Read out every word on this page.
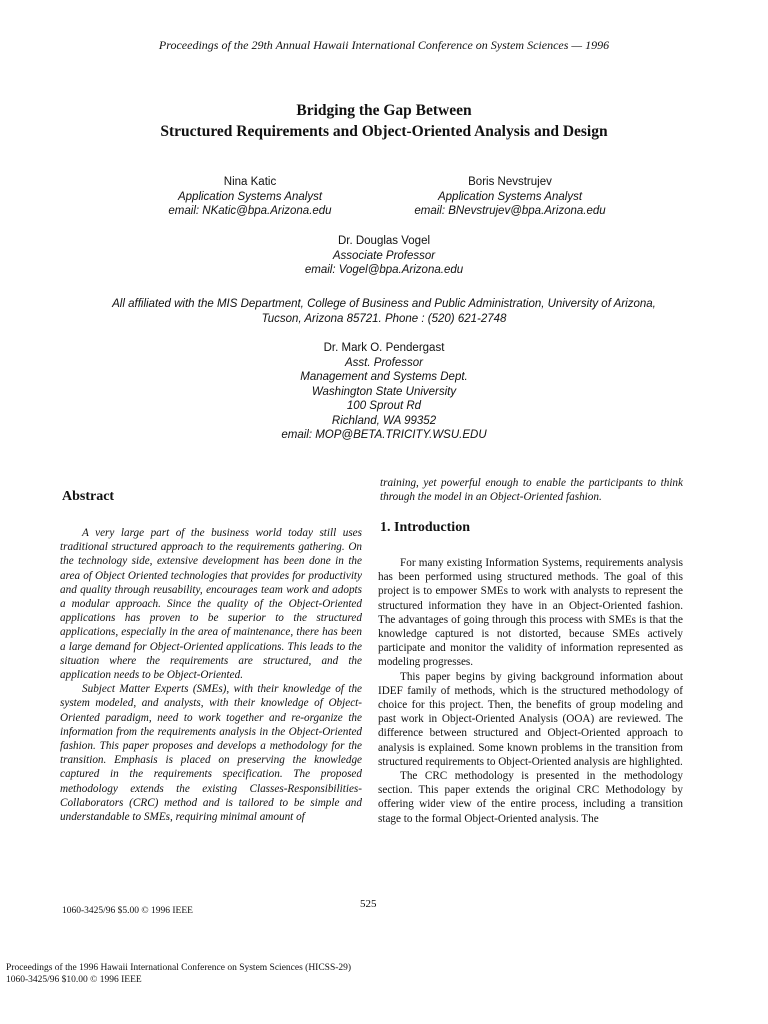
Proceedings of the 29th Annual Hawaii International Conference on System Sciences — 1996
Bridging the Gap Between
Structured Requirements and Object-Oriented Analysis and Design
Nina Katic
Application Systems Analyst
email: NKatic@bpa.Arizona.edu
Boris Nevstrujev
Application Systems Analyst
email: BNevstrujev@bpa.Arizona.edu
Dr. Douglas Vogel
Associate Professor
email: Vogel@bpa.Arizona.edu
All affiliated with the MIS Department, College of Business and Public Administration, University of Arizona,
Tucson, Arizona 85721. Phone : (520) 621-2748
Dr. Mark O. Pendergast
Asst. Professor
Management and Systems Dept.
Washington State University
100 Sprout Rd
Richland, WA 99352
email: MOP@BETA.TRICITY.WSU.EDU
Abstract

A very large part of the business world today still uses traditional structured approach to the requirements gathering. On the technology side, extensive development has been done in the area of Object Oriented technologies that provides for productivity and quality through reusability, encourages team work and adopts a modular approach. Since the quality of the Object-Oriented applications has proven to be superior to the structured applications, especially in the area of maintenance, there has been a large demand for Object-Oriented applications. This leads to the situation where the requirements are structured, and the application needs to be Object-Oriented.

Subject Matter Experts (SMEs), with their knowledge of the system modeled, and analysts, with their knowledge of Object-Oriented paradigm, need to work together and re-organize the information from the requirements analysis in the Object-Oriented fashion. This paper proposes and develops a methodology for the transition. Emphasis is placed on preserving the knowledge captured in the requirements specification. The proposed methodology extends the existing Classes-Responsibilities-Collaborators (CRC) method and is tailored to be simple and understandable to SMEs, requiring minimal amount of

training, yet powerful enough to enable the participants to think through the model in an Object-Oriented fashion.

1. Introduction

For many existing Information Systems, requirements analysis has been performed using structured methods. The goal of this project is to empower SMEs to work with analysts to represent the structured information they have in an Object-Oriented fashion. The advantages of going through this process with SMEs is that the knowledge captured is not distorted, because SMEs actively participate and monitor the validity of information represented as modeling progresses.

This paper begins by giving background information about IDEF family of methods, which is the structured methodology of choice for this project. Then, the benefits of group modeling and past work in Object-Oriented Analysis (OOA) are reviewed. The difference between structured and Object-Oriented approach to analysis is explained. Some known problems in the transition from structured requirements to Object-Oriented analysis are highlighted.

The CRC methodology is presented in the methodology section. This paper extends the original CRC Methodology by offering wider view of the entire process, including a transition stage to the formal Object-Oriented analysis. The

525
1060-3425/96 $5.00 © 1996 IEEE
Proceedings of the 1996 Hawaii International Conference on System Sciences (HICSS-29)
1060-3425/96 $10.00 © 1996 IEEE
